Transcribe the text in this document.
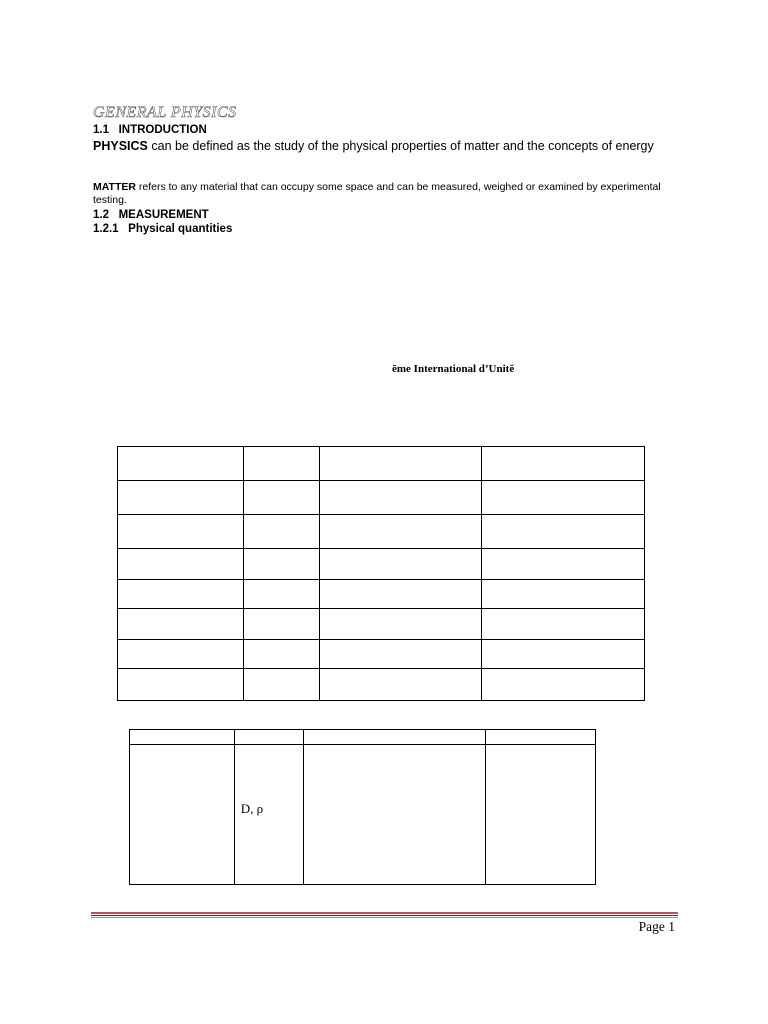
GENERAL PHYSICS
1.1 INTRODUCTION
PHYSICS can be defined as the study of the physical properties of matter and the concepts of energy
MATTER refers to any material that can occupy some space and can be measured, weighed or examined by experimental testing.
1.2 MEASUREMENT
1.2.1 Physical quantities
ēme International d’Unitĕ

	D, ρ		

Page 1
